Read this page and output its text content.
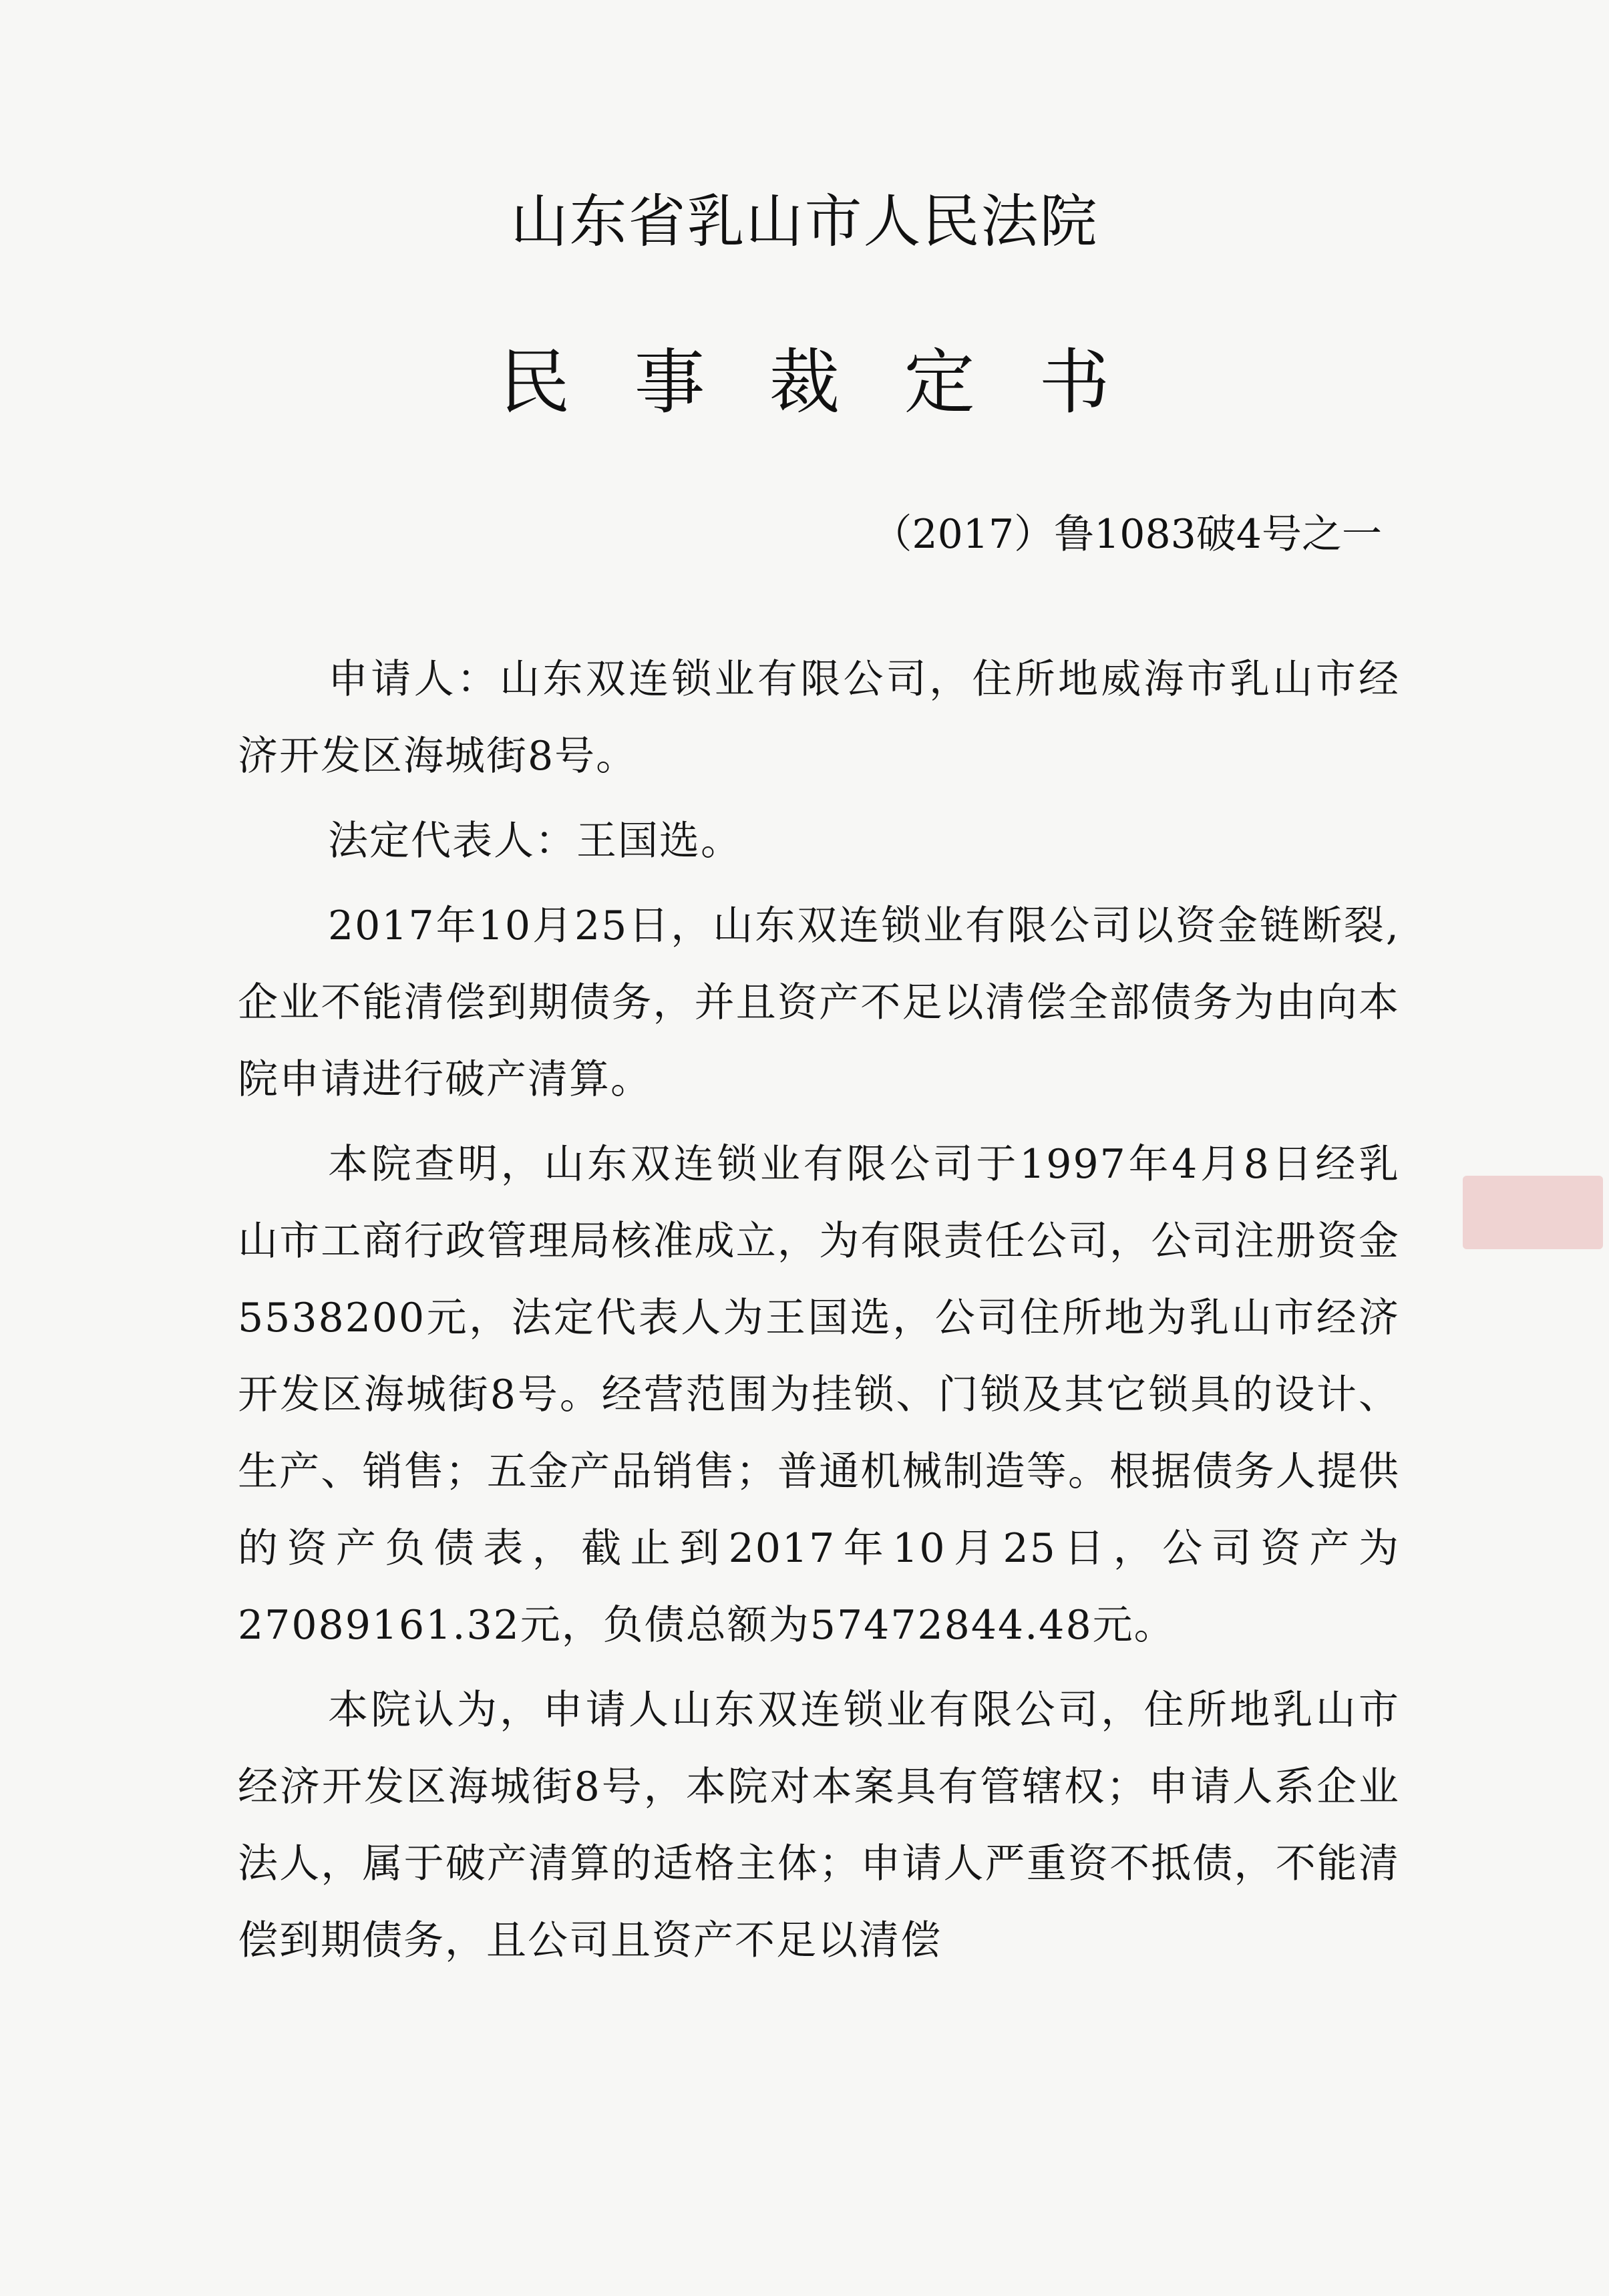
山东省乳山市人民法院
民事裁定书
（2017）鲁1083破4号之一

申请人：山东双连锁业有限公司，住所地威海市乳山市经济开发区海城街8号。

法定代表人：王国选。

2017年10月25日，山东双连锁业有限公司以资金链断裂,企业不能清偿到期债务，并且资产不足以清偿全部债务为由向本院申请进行破产清算。

本院查明，山东双连锁业有限公司于1997年4月8日经乳山市工商行政管理局核准成立，为有限责任公司，公司注册资金5538200元，法定代表人为王国选，公司住所地为乳山市经济开发区海城街8号。经营范围为挂锁、门锁及其它锁具的设计、生产、销售；五金产品销售；普通机械制造等。根据债务人提供的资产负债表，截止到2017年10月25日，公司资产为27089161.32元，负债总额为57472844.48元。

本院认为，申请人山东双连锁业有限公司，住所地乳山市经济开发区海城街8号，本院对本案具有管辖权；申请人系企业法人，属于破产清算的适格主体；申请人严重资不抵债，不能清偿到期债务，且公司且资产不足以清偿
